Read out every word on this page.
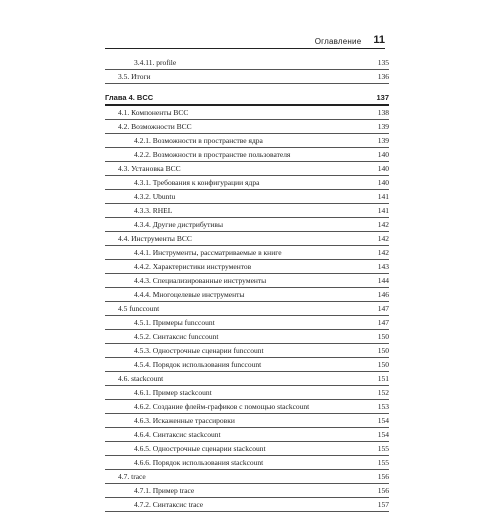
Оглавление 11
3.4.11. profile	135
3.5. Итоги	136
Глава 4. BCC	137
4.1. Компоненты BCC	138
4.2. Возможности BCC	139
4.2.1. Возможности в пространстве ядра	139
4.2.2. Возможности в пространстве пользователя	140
4.3. Установка BCC	140
4.3.1. Требования к конфигурации ядра	140
4.3.2. Ubuntu	141
4.3.3. RHEL	141
4.3.4. Другие дистрибутивы	142
4.4. Инструменты BCC	142
4.4.1. Инструменты, рассматриваемые в книге	142
4.4.2. Характеристики инструментов	143
4.4.3. Специализированные инструменты	144
4.4.4. Многоцелевые инструменты	146
4.5 funccount	147
4.5.1. Примеры funccount	147
4.5.2. Синтаксис funccount	150
4.5.3. Однострочные сценарии funccount	150
4.5.4. Порядок использования funccount	150
4.6. stackcount	151
4.6.1. Пример stackcount	152
4.6.2. Создание флейм-графиков с помощью stackcount	153
4.6.3. Искаженные трассировки	154
4.6.4. Синтаксис stackcount	154
4.6.5. Однострочные сценарии stackcount	155
4.6.6. Порядок использования stackcount	155
4.7. trace	156
4.7.1. Пример trace	156
4.7.2. Синтаксис trace	157
